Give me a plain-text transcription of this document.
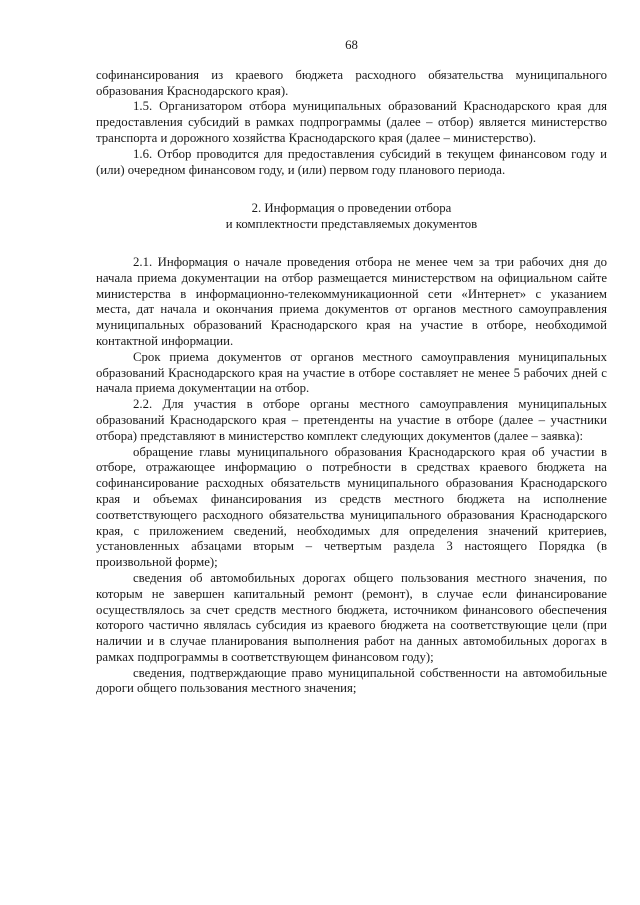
68

софинансирования из краевого бюджета расходного обязательства муниципального образования Краснодарского края).

1.5. Организатором отбора муниципальных образований Краснодарского края для предоставления субсидий в рамках подпрограммы (далее – отбор) является министерство транспорта и дорожного хозяйства Краснодарского края (далее – министерство).

1.6. Отбор проводится для предоставления субсидий в текущем финансовом году и (или) очередном финансовом году, и (или) первом году планового периода.

2. Информация о проведении отбора
и комплектности представляемых документов

2.1. Информация о начале проведения отбора не менее чем за три рабочих дня до начала приема документации на отбор размещается министерством на официальном сайте министерства в информационно-телекоммуникационной сети «Интернет» с указанием места, дат начала и окончания приема документов от органов местного самоуправления муниципальных образований Краснодарского края на участие в отборе, необходимой контактной информации.

Срок приема документов от органов местного самоуправления муниципальных образований Краснодарского края на участие в отборе составляет не менее 5 рабочих дней с начала приема документации на отбор.

2.2. Для участия в отборе органы местного самоуправления муниципальных образований Краснодарского края – претенденты на участие в отборе (далее – участники отбора) представляют в министерство комплект следующих документов (далее – заявка):

обращение главы муниципального образования Краснодарского края об участии в отборе, отражающее информацию о потребности в средствах краевого бюджета на софинансирование расходных обязательств муниципального образования Краснодарского края и объемах финансирования из средств местного бюджета на исполнение соответствующего расходного обязательства муниципального образования Краснодарского края, с приложением сведений, необходимых для определения значений критериев, установленных абзацами вторым – четвертым раздела 3 настоящего Порядка (в произвольной форме);

сведения об автомобильных дорогах общего пользования местного значения, по которым не завершен капитальный ремонт (ремонт), в случае если финансирование осуществлялось за счет средств местного бюджета, источником финансового обеспечения которого частично являлась субсидия из краевого бюджета на соответствующие цели (при наличии и в случае планирования выполнения работ на данных автомобильных дорогах в рамках подпрограммы в соответствующем финансовом году);

сведения, подтверждающие право муниципальной собственности на автомобильные дороги общего пользования местного значения;
